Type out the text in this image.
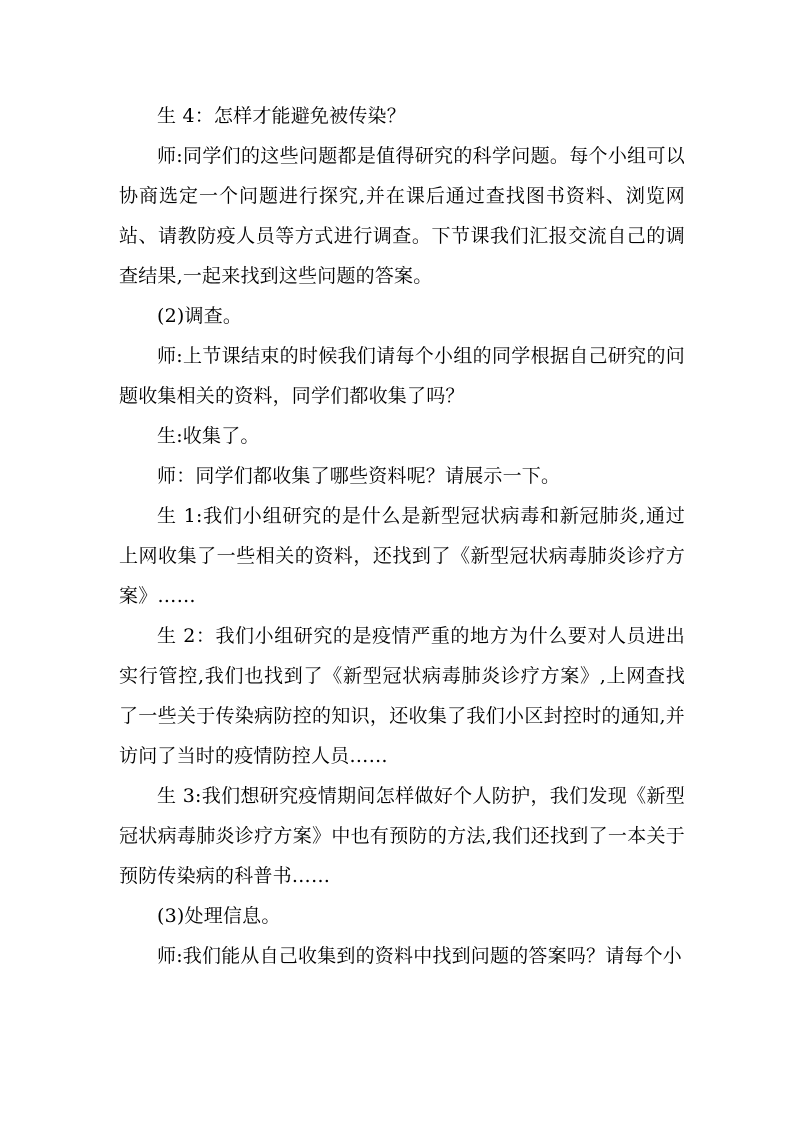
生 4：怎样才能避免被传染？

师:同学们的这些问题都是值得研究的科学问题。每个小组可以协商选定一个问题进行探究,并在课后通过查找图书资料、浏览网站、请教防疫人员等方式进行调查。下节课我们汇报交流自己的调查结果,一起来找到这些问题的答案。

(2)调查。

师:上节课结束的时候我们请每个小组的同学根据自己研究的问题收集相关的资料，同学们都收集了吗？

生:收集了。

师：同学们都收集了哪些资料呢？请展示一下。

生 1:我们小组研究的是什么是新型冠状病毒和新冠肺炎,通过上网收集了一些相关的资料，还找到了《新型冠状病毒肺炎诊疗方案》……

生 2：我们小组研究的是疫情严重的地方为什么要对人员进出实行管控,我们也找到了《新型冠状病毒肺炎诊疗方案》,上网查找了一些关于传染病防控的知识，还收集了我们小区封控时的通知,并访问了当时的疫情防控人员……

生 3:我们想研究疫情期间怎样做好个人防护，我们发现《新型冠状病毒肺炎诊疗方案》中也有预防的方法,我们还找到了一本关于预防传染病的科普书……

(3)处理信息。

师:我们能从自己收集到的资料中找到问题的答案吗？请每个小
